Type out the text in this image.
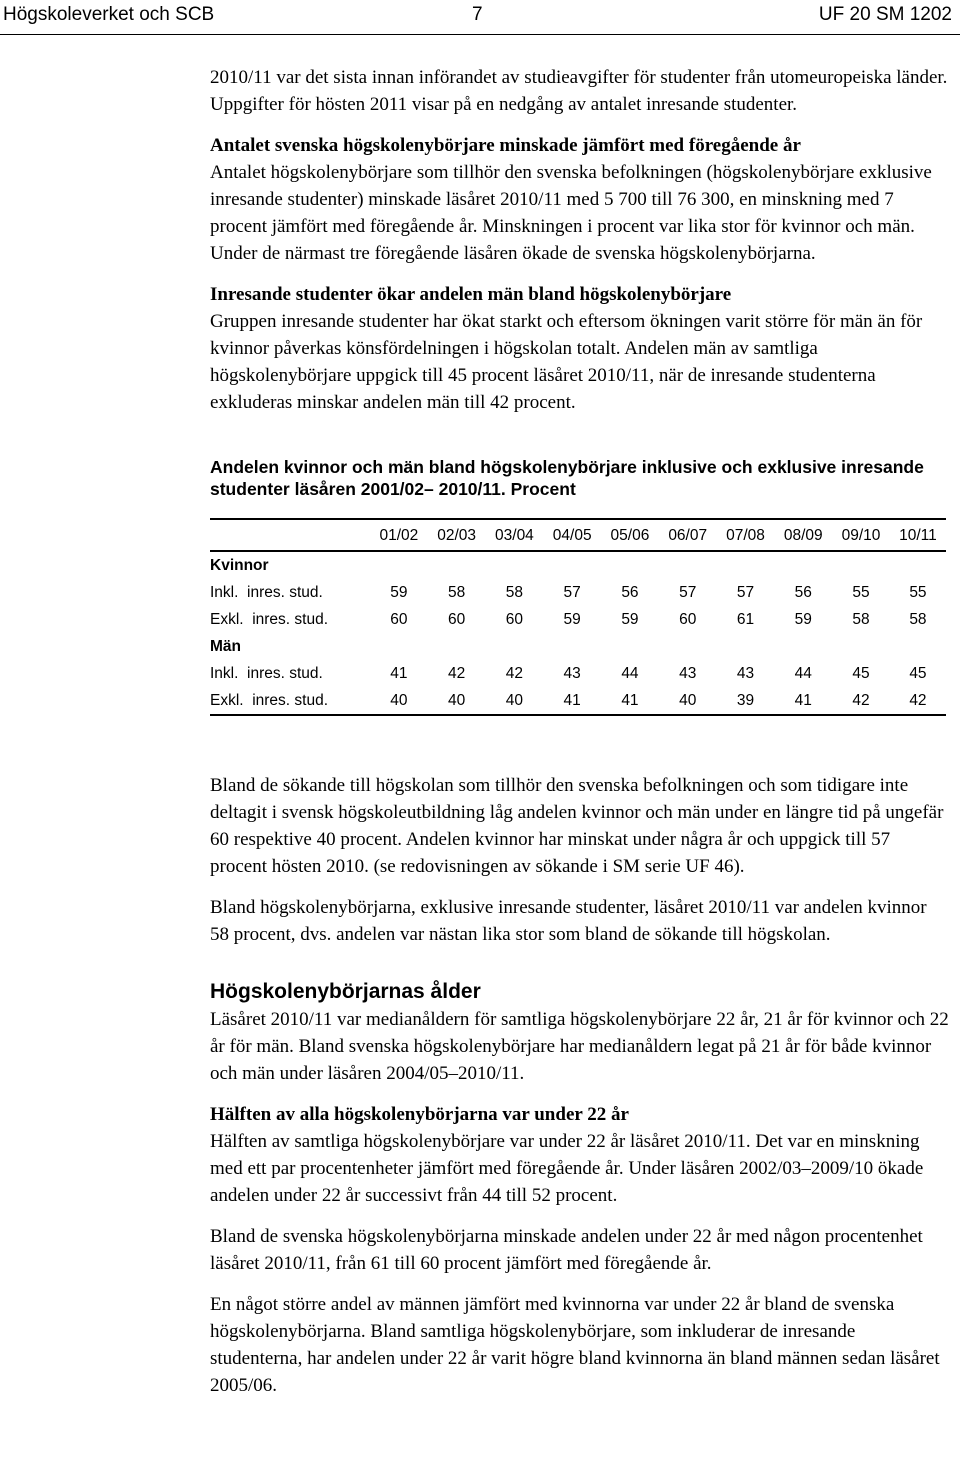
Högskoleverket och SCB	7	UF 20 SM 1202

2010/11 var det sista innan införandet av studieavgifter för studenter från utomeuropeiska länder. Uppgifter för hösten 2011 visar på en nedgång av antalet inresande studenter.

Antalet svenska högskolenybörjare minskade jämfört med föregående år

Antalet högskolenybörjare som tillhör den svenska befolkningen (högskolenybörjare exklusive inresande studenter) minskade läsåret 2010/11 med 5 700 till 76 300, en minskning med 7 procent jämfört med föregående år. Minskningen i procent var lika stor för kvinnor och män. Under de närmast tre föregående läsåren ökade de svenska högskolenybörjarna.

Inresande studenter ökar andelen män bland högskolenybörjare

Gruppen inresande studenter har ökat starkt och eftersom ökningen varit större för män än för kvinnor påverkas könsfördelningen i högskolan totalt. Andelen män av samtliga högskolenybörjare uppgick till 45 procent läsåret 2010/11, när de inresande studenterna exkluderas minskar andelen män till 42 procent.

Andelen kvinnor och män bland högskolenybörjare inklusive och exklusive inresande studenter läsåren 2001/02– 2010/11. Procent
	01/02	02/03	03/04	04/05	05/06	06/07	07/08	08/09	09/10	10/11
Kvinnor										
Inkl.  inres. stud.	59	58	58	57	56	57	57	56	55	55
Exkl.  inres. stud.	60	60	60	59	59	60	61	59	58	58
Män										
Inkl.  inres. stud.	41	42	42	43	44	43	43	44	45	45
Exkl.  inres. stud.	40	40	40	41	41	40	39	41	42	42

Bland de sökande till högskolan som tillhör den svenska befolkningen och som tidigare inte deltagit i svensk högskoleutbildning låg andelen kvinnor och män under en längre tid på ungefär 60 respektive 40 procent. Andelen kvinnor har minskat under några år och uppgick till 57 procent hösten 2010. (se redovisningen av sökande i SM serie UF 46).

Bland högskolenybörjarna, exklusive inresande studenter, läsåret 2010/11 var andelen kvinnor 58 procent, dvs. andelen var nästan lika stor som bland de sökande till högskolan.

Högskolenybörjarnas ålder

Läsåret 2010/11 var medianåldern för samtliga högskolenybörjare 22 år, 21 år för kvinnor och 22 år för män. Bland svenska högskolenybörjare har medianåldern legat på 21 år för både kvinnor och män under läsåren 2004/05–2010/11.

Hälften av alla högskolenybörjarna var under 22 år

Hälften av samtliga högskolenybörjare var under 22 år läsåret 2010/11. Det var en minskning med ett par procentenheter jämfört med föregående år. Under läsåren 2002/03–2009/10 ökade andelen under 22 år successivt från 44 till 52 procent.

Bland de svenska högskolenybörjarna minskade andelen under 22 år med någon procentenhet läsåret 2010/11, från 61 till 60 procent jämfört med föregående år.

En något större andel av männen jämfört med kvinnorna var under 22 år bland de svenska högskolenybörjarna. Bland samtliga högskolenybörjare, som inkluderar de inresande studenterna, har andelen under 22 år varit högre bland kvinnorna än bland männen sedan läsåret 2005/06.
